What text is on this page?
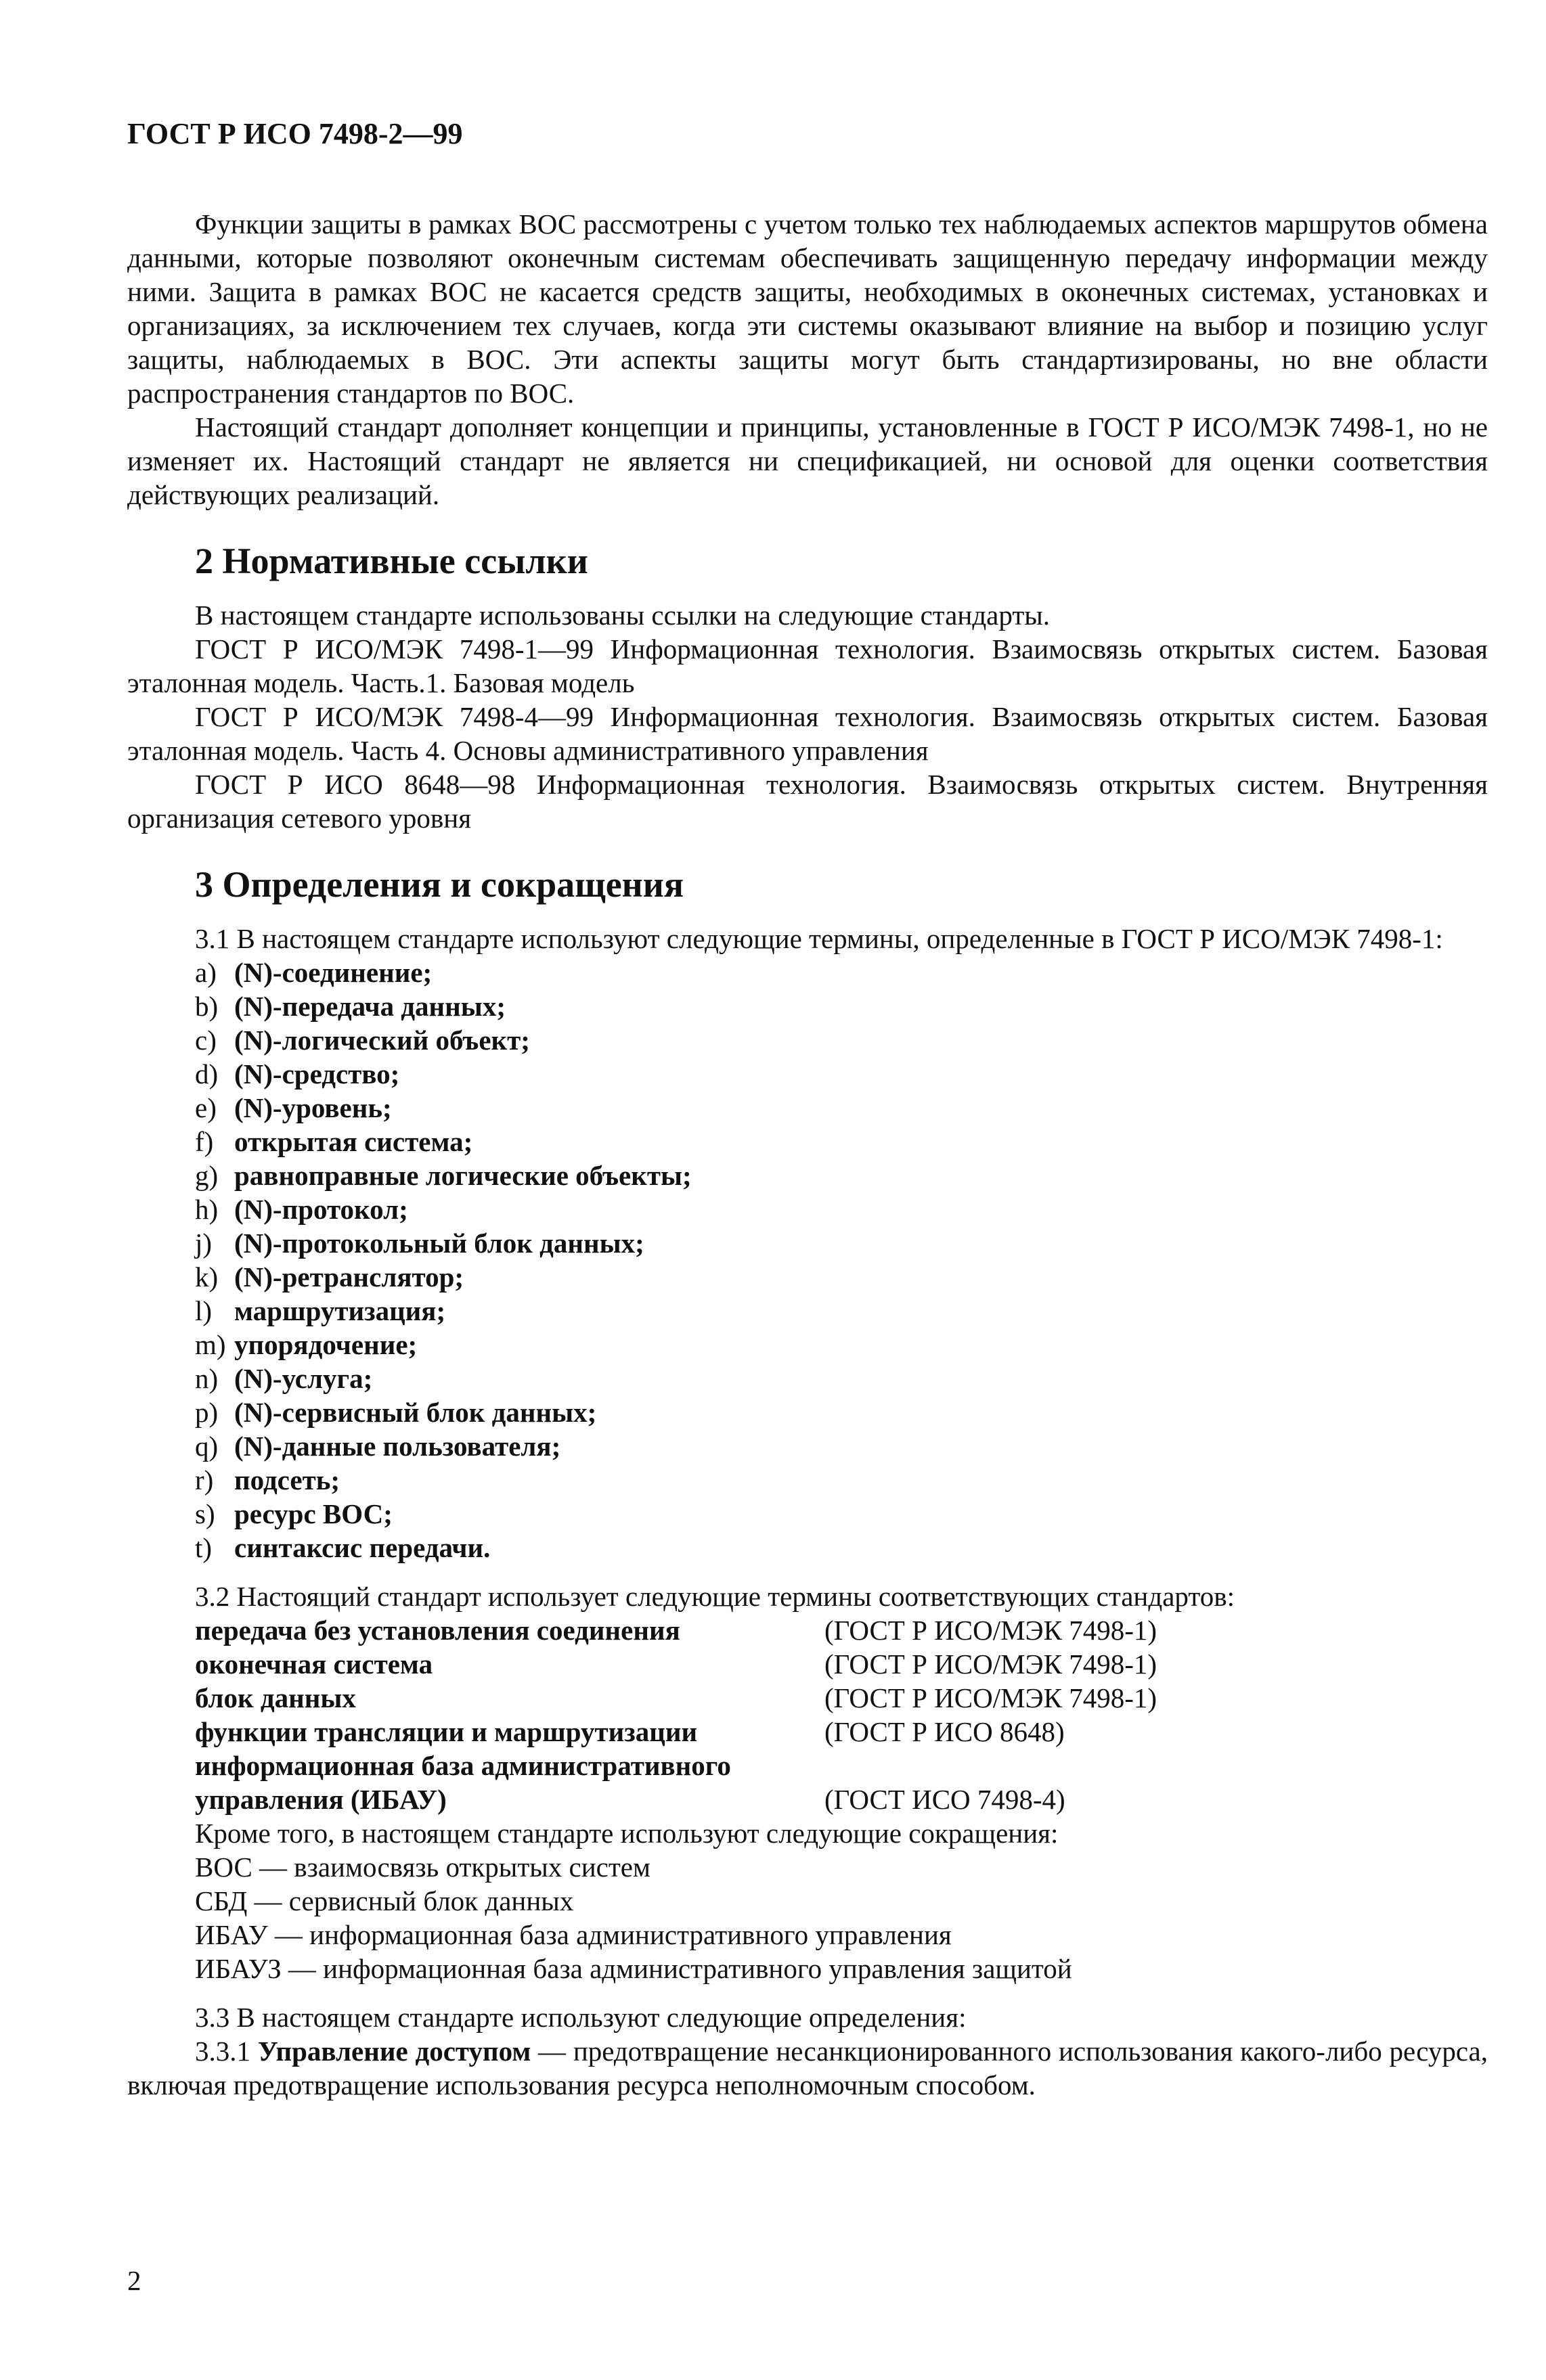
ГОСТ Р ИСО 7498-2—99

Функции защиты в рамках ВОС рассмотрены с учетом только тех наблюдаемых аспектов маршрутов обмена данными, которые позволяют оконечным системам обеспечивать защищенную передачу информации между ними. Защита в рамках ВОС не касается средств защиты, необходимых в оконечных системах, установках и организациях, за исключением тех случаев, когда эти системы оказывают влияние на выбор и позицию услуг защиты, наблюдаемых в ВОС. Эти аспекты защиты могут быть стандартизированы, но вне области распространения стандартов по ВОС.

Настоящий стандарт дополняет концепции и принципы, установленные в ГОСТ Р ИСО/МЭК 7498-1, но не изменяет их. Настоящий стандарт не является ни спецификацией, ни основой для оценки соответствия действующих реализаций.

2 Нормативные ссылки

В настоящем стандарте использованы ссылки на следующие стандарты.

ГОСТ Р ИСО/МЭК 7498-1—99 Информационная технология. Взаимосвязь открытых систем. Базовая эталонная модель. Часть.1. Базовая модель

ГОСТ Р ИСО/МЭК 7498-4—99 Информационная технология. Взаимосвязь открытых систем. Базовая эталонная модель. Часть 4. Основы административного управления

ГОСТ Р ИСО 8648—98 Информационная технология. Взаимосвязь открытых систем. Внутренняя организация сетевого уровня

3 Определения и сокращения

3.1 В настоящем стандарте используют следующие термины, определенные в ГОСТ Р ИСО/МЭК 7498-1:

a) (N)-соединение;
b) (N)-передача данных;
c) (N)-логический объект;
d) (N)-средство;
e) (N)-уровень;
f) открытая система;
g) равноправные логические объекты;
h) (N)-протокол;
j) (N)-протокольный блок данных;
k) (N)-ретранслятор;
l) маршрутизация;
m) упорядочение;
n) (N)-услуга;
p) (N)-сервисный блок данных;
q) (N)-данные пользователя;
r) подсеть;
s) ресурс ВОС;
t) синтаксис передачи.

3.2 Настоящий стандарт использует следующие термины соответствующих стандартов:

передача без установления соединения	(ГОСТ Р ИСО/МЭК 7498-1)
оконечная система	(ГОСТ Р ИСО/МЭК 7498-1)
блок данных	(ГОСТ Р ИСО/МЭК 7498-1)
функции трансляции и маршрутизации	(ГОСТ Р ИСО 8648)
информационная база административного
управления (ИБАУ)	(ГОСТ ИСО 7498-4)
Кроме того, в настоящем стандарте используют следующие сокращения:
ВОС — взаимосвязь открытых систем
СБД — сервисный блок данных
ИБАУ — информационная база административного управления
ИБАУЗ — информационная база административного управления защитой

3.3 В настоящем стандарте используют следующие определения:

3.3.1 Управление доступом — предотвращение несанкционированного использования какого-либо ресурса, включая предотвращение использования ресурса неполномочным способом.

2
